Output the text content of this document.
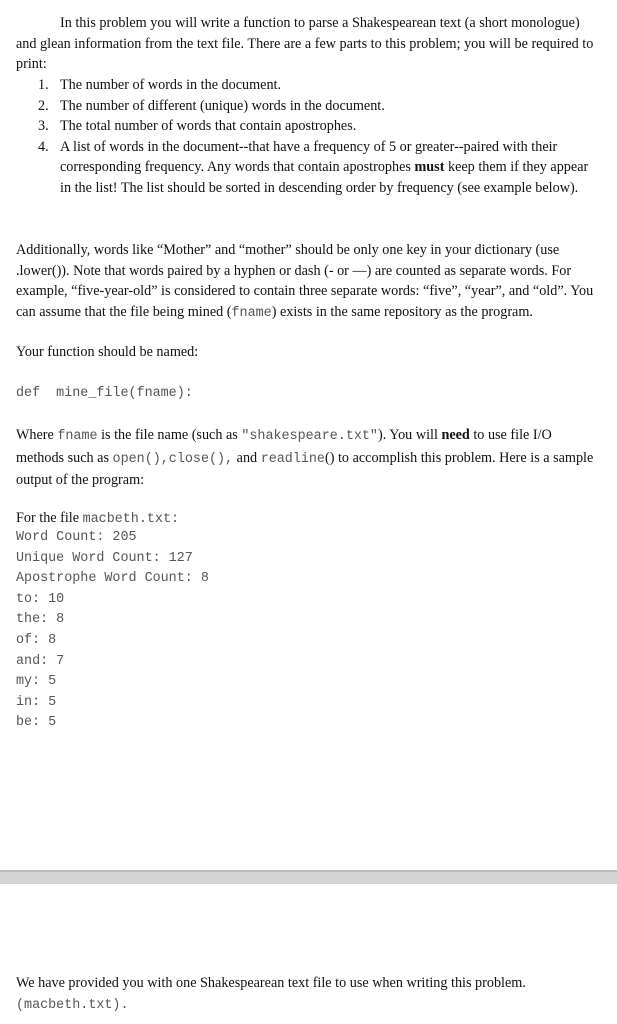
In this problem you will write a function to parse a Shakespearean text (a short monologue) and glean information from the text file. There are a few parts to this problem; you will be required to print:

1. The number of words in the document.
2. The number of different (unique) words in the document.
3. The total number of words that contain apostrophes.
4. A list of words in the document--that have a frequency of 5 or greater--paired with their corresponding frequency. Any words that contain apostrophes must keep them if they appear in the list! The list should be sorted in descending order by frequency (see example below).

Additionally, words like “Mother” and “mother” should be only one key in your dictionary (use .lower()). Note that words paired by a hyphen or dash (- or —) are counted as separate words. For example, “five-year-old” is considered to contain three separate words: “five”, “year”, and “old”. You can assume that the file being mined (fname) exists in the same repository as the program.

Your function should be named:

def  mine_file(fname):

Where fname is the file name (such as "shakespeare.txt"). You will need to use file I/O methods such as open(),close(), and readline() to accomplish this problem. Here is a sample output of the program:

For the file macbeth.txt:

Word Count: 205
Unique Word Count: 127
Apostrophe Word Count: 8
to: 10
the: 8
of: 8
and: 7
my: 5
in: 5
be: 5

We have provided you with one Shakespearean text file to use when writing this problem.
(macbeth.txt).
